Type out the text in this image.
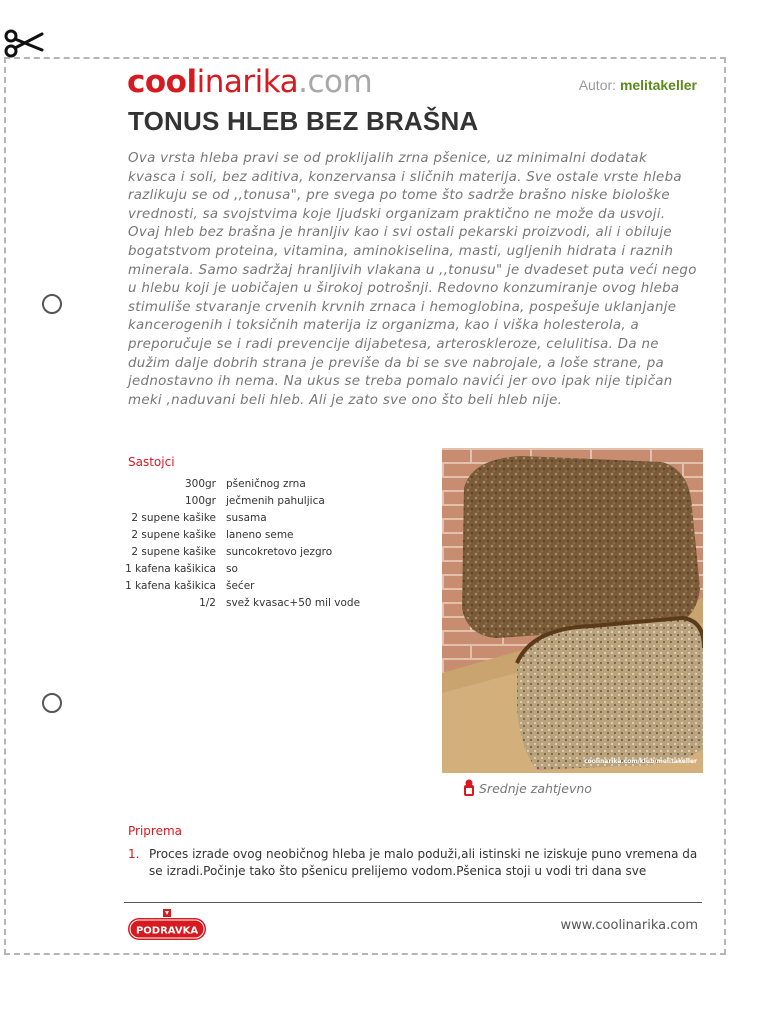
coolinarika.com	Autor: melitakeller
TONUS HLEB BEZ BRAŠNA

Ova vrsta hleba pravi se od proklijalih zrna pšenice, uz minimalni dodatak kvasca i soli, bez aditiva, konzervansa i sličnih materija. Sve ostale vrste hleba razlikuju se od ,,tonusa", pre svega po tome što sadrže brašno niske biološke vrednosti, sa svojstvima koje ljudski organizam praktično ne može da usvoji. Ovaj hleb bez brašna je hranljiv kao i svi ostali pekarski proizvodi, ali i obiluje bogatstvom proteina, vitamina, aminokiselina, masti, ugljenih hidrata i raznih minerala. Samo sadržaj hranljivih vlakana u ,,tonusu" je dvadeset puta veći nego u hlebu koji je uobičajen u širokoj potrošnji. Redovno konzumiranje ovog hleba stimuliše stvaranje crvenih krvnih zrnaca i hemoglobina, pospešuje uklanjanje kancerogenih i toksičnih materija iz organizma, kao i viška holesterola, a preporučuje se i radi prevencije dijabetesa, arteroskleroze, celulitisa. Da ne dužim dalje dobrih strana je previše da bi se sve nabrojale, a loše strane, pa jednostavno ih nema. Na ukus se treba pomalo navići jer ovo ipak nije tipičan meki ,naduvani beli hleb. Ali je zato sve ono što beli hleb nije.

Sastojci
300gr	pšeničnog zrna
100gr	ječmenih pahuljica
2 supene kašike	susama
2 supene kašike	laneno seme
2 supene kašike	suncokretovo jezgro
1 kafena kašikica	so
1 kafena kašikica	šećer
1/2	svež kvasac+50 mil vode
coolinarika.com/klub/melitakeller
Srednje zahtjevno
Priprema
1. Proces izrade ovog neobičnog hleba je malo poduži,ali istinski ne iziskuje puno vremena da se izradi.Počinje tako što pšenicu prelijemo vodom.Pšenica stoji u vodi tri dana sve
PODRAVKA	www.coolinarika.com
